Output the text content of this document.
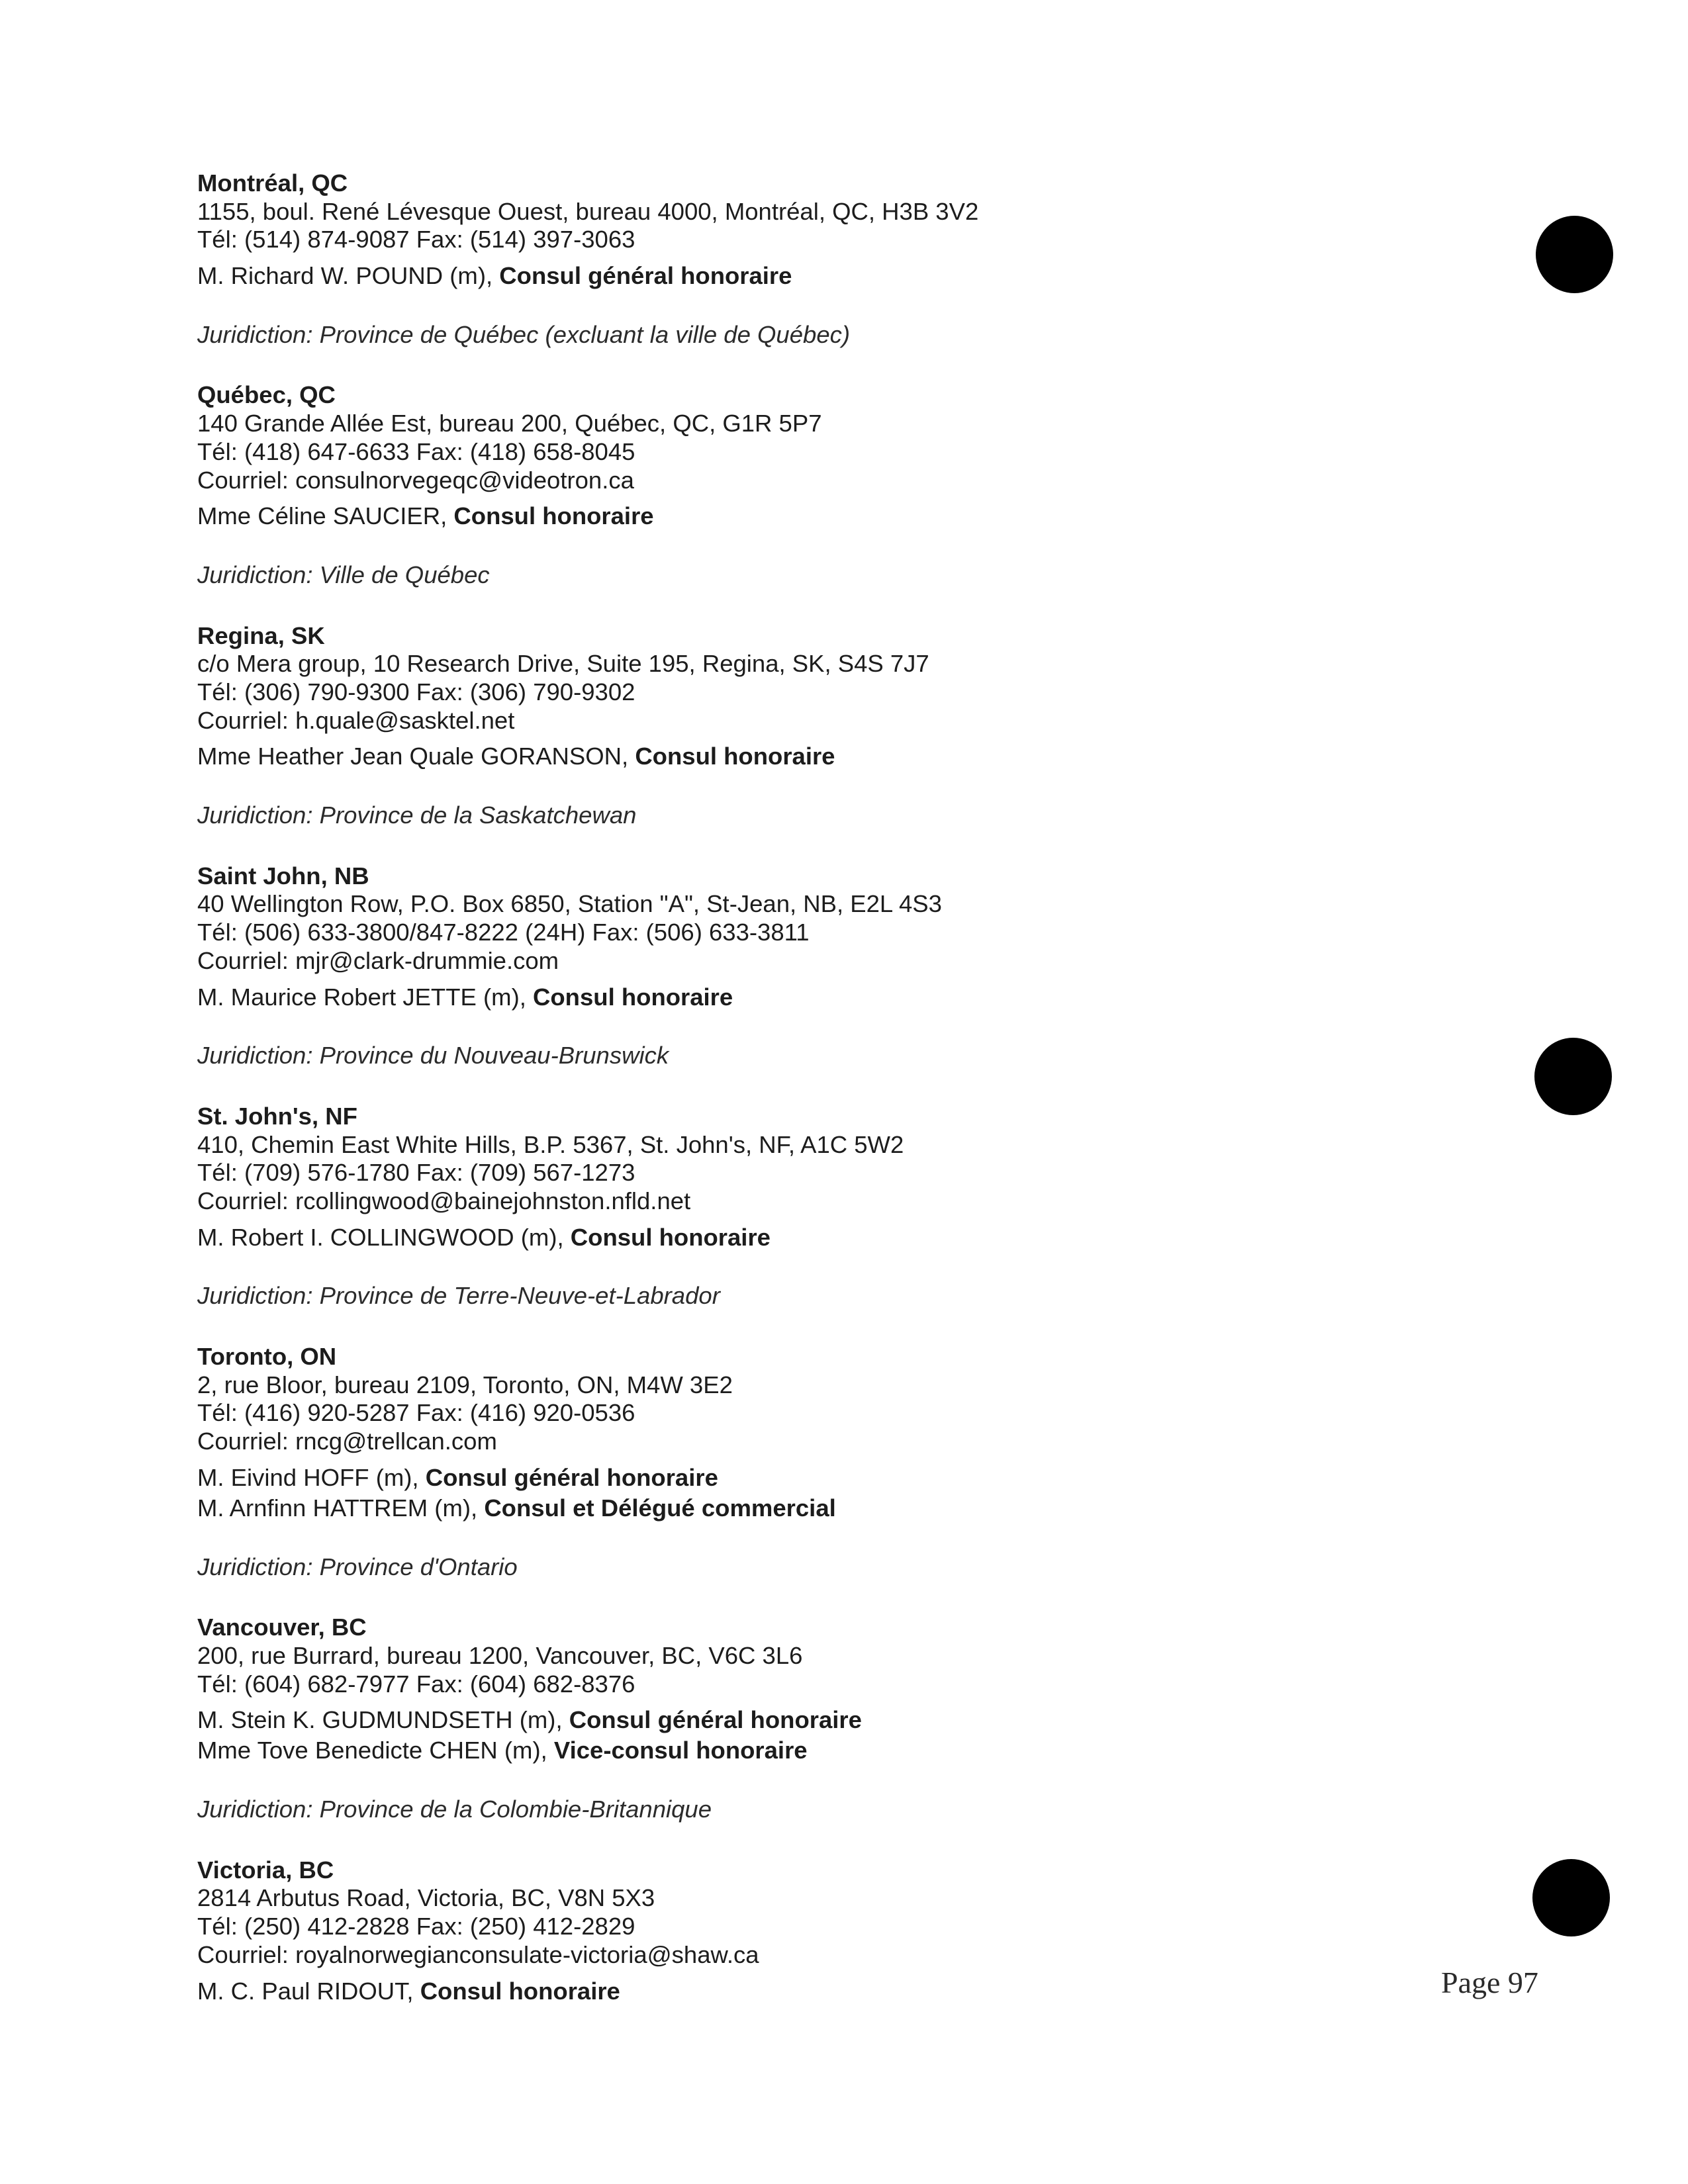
Montréal, QC
1155, boul. René Lévesque Ouest, bureau 4000, Montréal, QC, H3B 3V2
Tél: (514) 874-9087 Fax: (514) 397-3063
M. Richard W. POUND (m), Consul général honoraire
Juridiction: Province de Québec (excluant la ville de Québec)
Québec, QC
140 Grande Allée Est, bureau 200, Québec, QC, G1R 5P7
Tél: (418) 647-6633 Fax: (418) 658-8045
Courriel: consulnorvegeqc@videotron.ca
Mme Céline SAUCIER, Consul honoraire
Juridiction: Ville de Québec
Regina, SK
c/o Mera group, 10 Research Drive, Suite 195, Regina, SK, S4S 7J7
Tél: (306) 790-9300 Fax: (306) 790-9302
Courriel: h.quale@sasktel.net
Mme Heather Jean Quale GORANSON, Consul honoraire
Juridiction: Province de la Saskatchewan
Saint John, NB
40 Wellington Row, P.O. Box 6850, Station "A", St-Jean, NB, E2L 4S3
Tél: (506) 633-3800/847-8222 (24H) Fax: (506) 633-3811
Courriel: mjr@clark-drummie.com
M. Maurice Robert JETTE (m), Consul honoraire
Juridiction: Province du Nouveau-Brunswick
St. John's, NF
410, Chemin East White Hills, B.P. 5367, St. John's, NF, A1C 5W2
Tél: (709) 576-1780 Fax: (709) 567-1273
Courriel: rcollingwood@bainejohnston.nfld.net
M. Robert I. COLLINGWOOD (m), Consul honoraire
Juridiction: Province de Terre-Neuve-et-Labrador
Toronto, ON
2, rue Bloor, bureau 2109, Toronto, ON, M4W 3E2
Tél: (416) 920-5287 Fax: (416) 920-0536
Courriel: rncg@trellcan.com
M. Eivind HOFF (m), Consul général honoraire
M. Arnfinn HATTREM (m), Consul et Délégué commercial
Juridiction: Province d'Ontario
Vancouver, BC
200, rue Burrard, bureau 1200, Vancouver, BC, V6C 3L6
Tél: (604) 682-7977 Fax: (604) 682-8376
M. Stein K. GUDMUNDSETH (m), Consul général honoraire
Mme Tove Benedicte CHEN (m), Vice-consul honoraire
Juridiction: Province de la Colombie-Britannique
Victoria, BC
2814 Arbutus Road, Victoria, BC, V8N 5X3
Tél: (250) 412-2828 Fax: (250) 412-2829
Courriel: royalnorwegianconsulate-victoria@shaw.ca
M. C. Paul RIDOUT, Consul honoraire	Page 97
